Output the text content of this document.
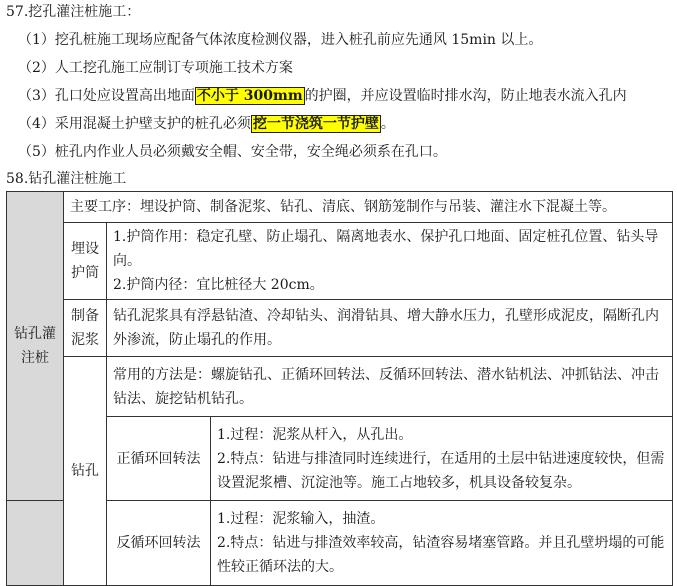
57.挖孔灌注桩施工：
（1）挖孔桩施工现场应配备气体浓度检测仪器，进入桩孔前应先通风 15min 以上。
（2）人工挖孔施工应制订专项施工技术方案
（3）孔口处应设置高出地面 不小于 300mm 的护圈，并应设置临时排水沟，防止地表水流入孔内
（4）采用混凝土护壁支护的桩孔必须 挖一节浇筑一节护壁 。
（5）桩孔内作业人员必须戴安全帽、安全带，安全绳必须系在孔口。
58.钻孔灌注桩施工
钻孔灌
注桩	主要工序：埋设护筒、制备泥浆、钻孔、清底、钢筋笼制作与吊装、灌注水下混凝土等。		

	埋设
护筒	1.护筒作用：稳定孔壁、防止塌孔、隔离地表水、保护孔口地面、固定桩孔位置、钻头导向。
2.护筒内径：宜比桩径大 20cm。	

	制备
泥浆	钻孔泥浆具有浮悬钻渣、冷却钻头、润滑钻具、增大静水压力，孔壁形成泥皮，隔断孔内
外渗流，防止塌孔的作用。	

	钻孔	常用的方法是：螺旋钻孔、正循环回转法、反循环回转法、潜水钻机法、冲抓钻法、冲击
钻法、旋挖钻机钻孔。	

		正循环回转法	1.过程：泥浆从杆入，从孔出。
2.特点：钻进与排渣同时连续进行，在适用的土层中钻进速度较快，但需
设置泥浆槽、沉淀池等。施工占地较多，机具设备较复杂。

		反循环回转法	1.过程：泥浆输入，抽渣。
2.特点：钻进与排渣效率较高，钻渣容易堵塞管路。并且孔壁坍塌的可能
性较正循环法的大。
